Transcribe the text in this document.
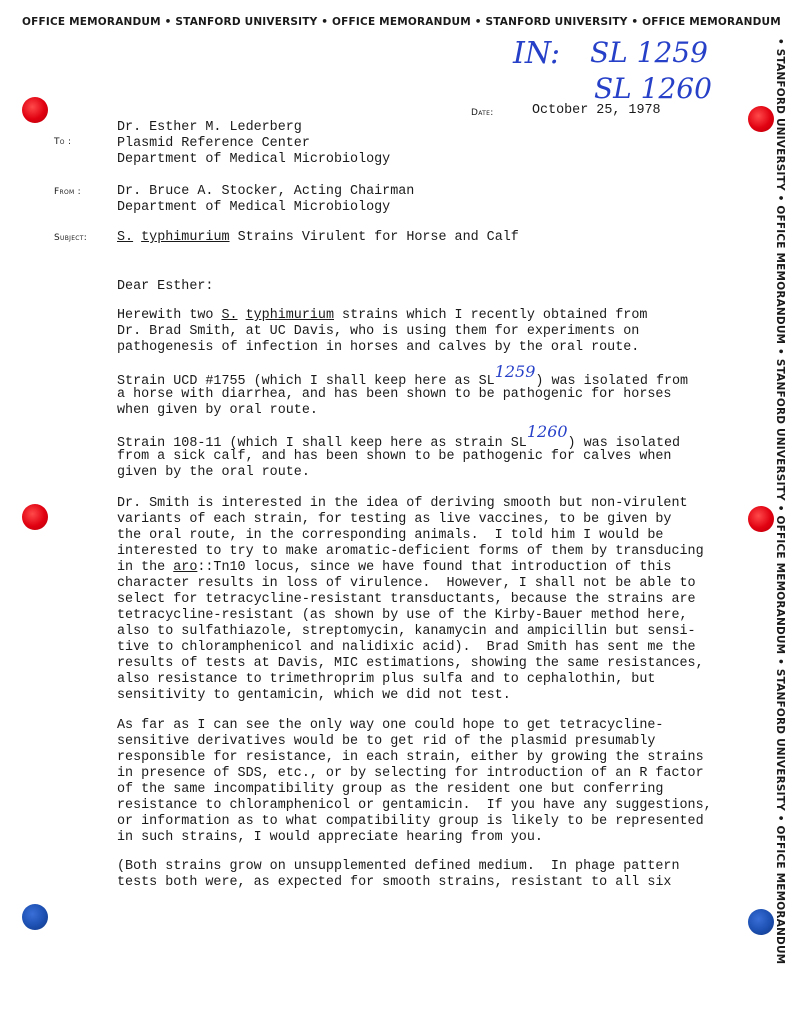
OFFICE MEMORANDUM • STANFORD UNIVERSITY • OFFICE MEMORANDUM • STANFORD UNIVERSITY • OFFICE MEMORANDUM
• STANFORD UNIVERSITY • OFFICE MEMORANDUM • STANFORD UNIVERSITY • OFFICE MEMORANDUM • STANFORD UNIVERSITY • OFFICE MEMORANDUM
IN: SL 1259
SL 1260
Date:	October 25, 1978
To :
Dr. Esther M. Lederberg
Plasmid Reference Center
Department of Medical Microbiology
From :	Dr. Bruce A. Stocker, Acting Chairman
Department of Medical Microbiology
Subject: S. typhimurium Strains Virulent for Horse and Calf
Dear Esther:
Herewith two S. typhimurium strains which I recently obtained from
Dr. Brad Smith, at UC Davis, who is using them for experiments on
pathogenesis of infection in horses and calves by the oral route.
Strain UCD #1755 (which I shall keep here as SL1259) was isolated from
a horse with diarrhea, and has been shown to be pathogenic for horses
when given by oral route.
Strain 108-11 (which I shall keep here as strain SL1260) was isolated
from a sick calf, and has been shown to be pathogenic for calves when
given by the oral route.
Dr. Smith is interested in the idea of deriving smooth but non-virulent
variants of each strain, for testing as live vaccines, to be given by
the oral route, in the corresponding animals.  I told him I would be
interested to try to make aromatic-deficient forms of them by transducing
in the aro::Tn10 locus, since we have found that introduction of this
character results in loss of virulence.  However, I shall not be able to
select for tetracycline-resistant transductants, because the strains are
tetracycline-resistant (as shown by use of the Kirby-Bauer method here,
also to sulfathiazole, streptomycin, kanamycin and ampicillin but sensi-
tive to chloramphenicol and nalidixic acid).  Brad Smith has sent me the
results of tests at Davis, MIC estimations, showing the same resistances,
also resistance to trimethroprim plus sulfa and to cephalothin, but
sensitivity to gentamicin, which we did not test.
As far as I can see the only way one could hope to get tetracycline-
sensitive derivatives would be to get rid of the plasmid presumably
responsible for resistance, in each strain, either by growing the strains
in presence of SDS, etc., or by selecting for introduction of an R factor
of the same incompatibility group as the resident one but conferring
resistance to chloramphenicol or gentamicin.  If you have any suggestions,
or information as to what compatibility group is likely to be represented
in such strains, I would appreciate hearing from you.
(Both strains grow on unsupplemented defined medium.  In phage pattern
tests both were, as expected for smooth strains, resistant to all six
